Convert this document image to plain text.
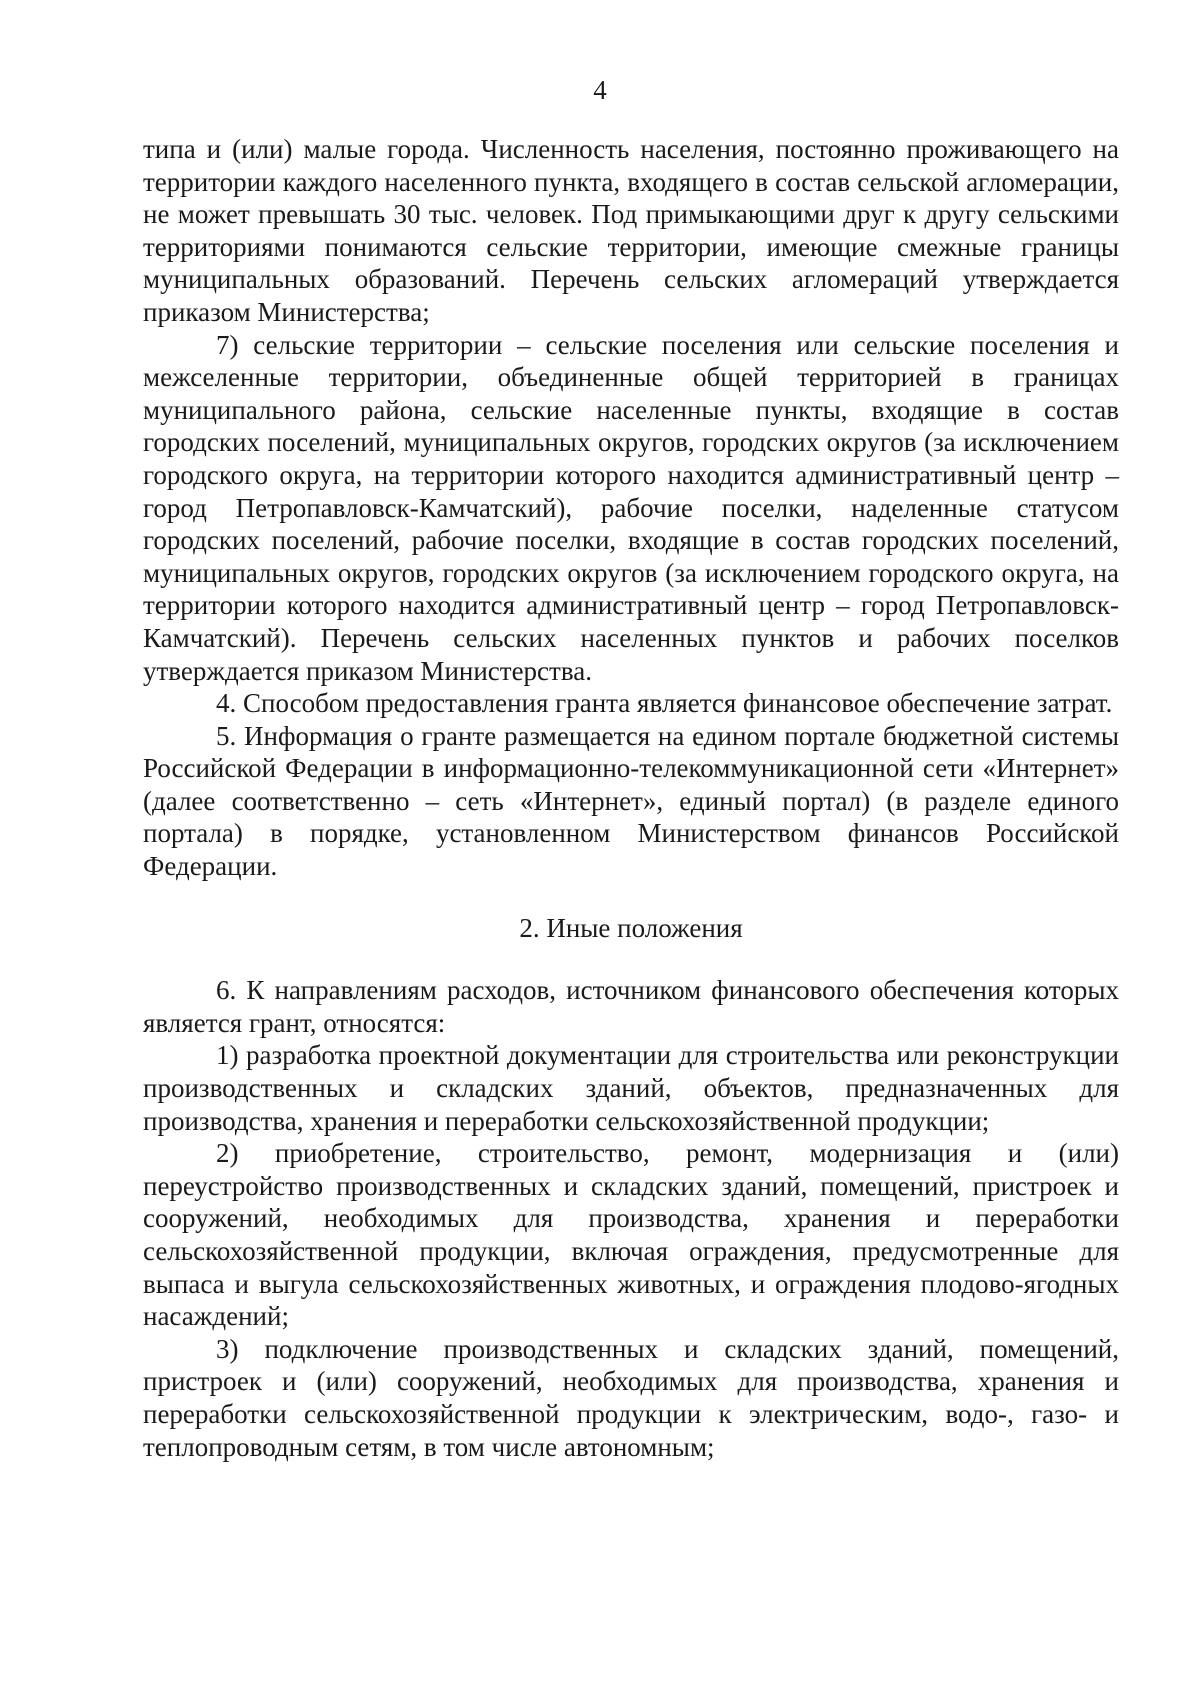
4

типа и (или) малые города. Численность населения, постоянно проживающего на территории каждого населенного пункта, входящего в состав сельской агломерации, не может превышать 30 тыс. человек. Под примыкающими друг к другу сельскими территориями понимаются сельские территории, имеющие смежные границы муниципальных образований. Перечень сельских агломераций утверждается приказом Министерства;

7) сельские территории – сельские поселения или сельские поселения и межселенные территории, объединенные общей территорией в границах муниципального района, сельские населенные пункты, входящие в состав городских поселений, муниципальных округов, городских округов (за исключением городского округа, на территории которого находится административный центр – город Петропавловск-Камчатский), рабочие поселки, наделенные статусом городских поселений, рабочие поселки, входящие в состав городских поселений, муниципальных округов, городских округов (за исключением городского округа, на территории которого находится административный центр – город Петропавловск-Камчатский). Перечень сельских населенных пунктов и рабочих поселков утверждается приказом Министерства.

4. Способом предоставления гранта является финансовое обеспечение затрат.

5. Информация о гранте размещается на едином портале бюджетной системы Российской Федерации в информационно-телекоммуникационной сети «Интернет» (далее соответственно – сеть «Интернет», единый портал) (в разделе единого портала) в порядке, установленном Министерством финансов Российской Федерации.

2. Иные положения

6. К направлениям расходов, источником финансового обеспечения которых является грант, относятся:

1) разработка проектной документации для строительства или реконструкции производственных и складских зданий, объектов, предназначенных для производства, хранения и переработки сельскохозяйственной продукции;

2) приобретение, строительство, ремонт, модернизация и (или) переустройство производственных и складских зданий, помещений, пристроек и сооружений, необходимых для производства, хранения и переработки сельскохозяйственной продукции, включая ограждения, предусмотренные для выпаса и выгула сельскохозяйственных животных, и ограждения плодово-ягодных насаждений;

3) подключение производственных и складских зданий, помещений, пристроек и (или) сооружений, необходимых для производства, хранения и переработки сельскохозяйственной продукции к электрическим, водо-, газо- и теплопроводным сетям, в том числе автономным;
